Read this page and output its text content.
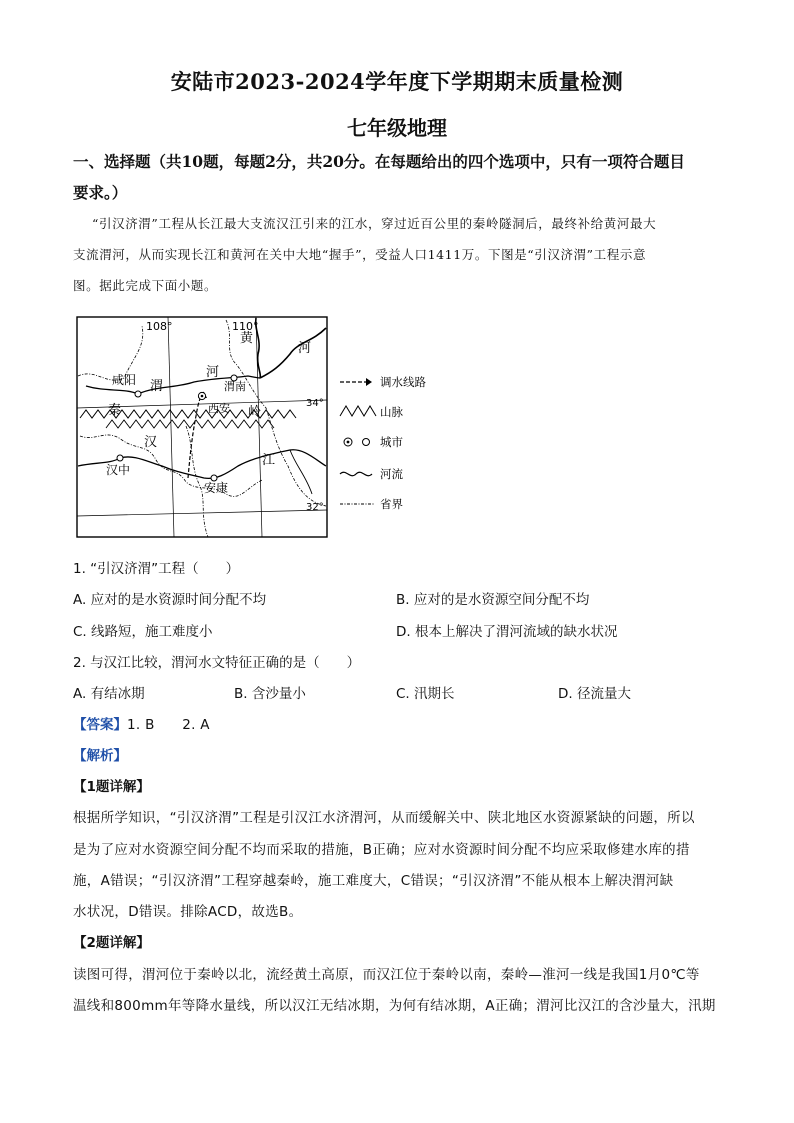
安陆市2023-2024学年度下学期期末质量检测
七年级地理
一、选择题（共10题，每题2分，共20分。在每题给出的四个选项中，只有一项符合题目
要求。）
“引汉济渭”工程从长江最大支流汉江引来的江水，穿过近百公里的秦岭隧洞后，最终补给黄河最大
支流渭河，从而实现长江和黄河在关中大地“握手”，受益人口1411万。下图是“引汉济渭”工程示意
图。据此完成下面小题。
108°	110°
34°
32°
咸阳
西安
渭南
汉中
安康
渭
河
秦	岭
汉
江
黄
河
调水线路
山脉
城市
河流
省界
1. “引汉济渭”工程（　　）
A. 应对的是水资源时间分配不均	B. 应对的是水资源空间分配不均
C. 线路短，施工难度小	D. 根本上解决了渭河流域的缺水状况
2. 与汉江比较，渭河水文特征正确的是（　　）
A. 有结冰期	B. 含沙量小	C. 汛期长	D. 径流量大
【答案】1. B　　2. A
【解析】
【1题详解】
根据所学知识，“引汉济渭”工程是引汉江水济渭河，从而缓解关中、陕北地区水资源紧缺的问题，所以
是为了应对水资源空间分配不均而采取的措施，B正确；应对水资源时间分配不均应采取修建水库的措
施，A错误；“引汉济渭”工程穿越秦岭，施工难度大，C错误；“引汉济渭”不能从根本上解决渭河缺
水状况，D错误。排除ACD，故选B。
【2题详解】
读图可得，渭河位于秦岭以北，流经黄土高原，而汉江位于秦岭以南，秦岭—淮河一线是我国1月0℃等
温线和800mm年等降水量线，所以汉江无结冰期，为何有结冰期，A正确；渭河比汉江的含沙量大，汛期
